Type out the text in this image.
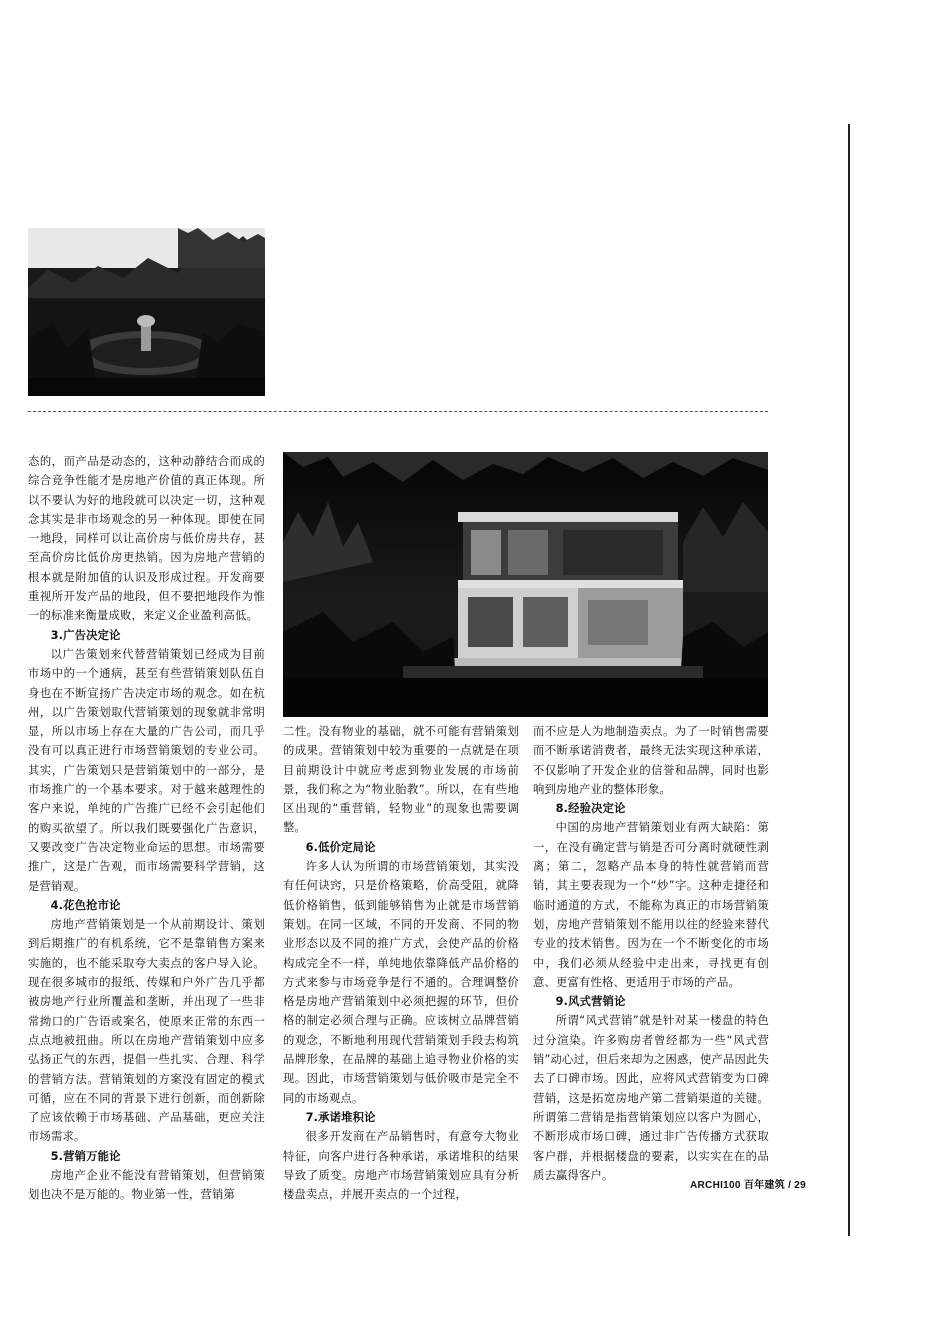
态的，而产品是动态的，这种动静结合而成的综合竞争性能才是房地产价值的真正体现。所以不要认为好的地段就可以决定一切，这种观念其实是非市场观念的另一种体现。即使在同一地段，同样可以让高价房与低价房共存，甚至高价房比低价房更热销。因为房地产营销的根本就是附加值的认识及形成过程。开发商要重视所开发产品的地段，但不要把地段作为惟一的标准来衡量成败，来定义企业盈利高低。

3.广告决定论

以广告策划来代替营销策划已经成为目前市场中的一个通病，甚至有些营销策划队伍自身也在不断宣扬广告决定市场的观念。如在杭州，以广告策划取代营销策划的现象就非常明显，所以市场上存在大量的广告公司，而几乎没有可以真正进行市场营销策划的专业公司。其实，广告策划只是营销策划中的一部分，是市场推广的一个基本要求。对于越来越理性的客户来说，单纯的广告推广已经不会引起他们的购买欲望了。所以我们既要强化广告意识，又要改变广告决定物业命运的思想。市场需要推广，这是广告观，而市场需要科学营销，这是营销观。

4.花色抢市论

房地产营销策划是一个从前期设计、策划到后期推广的有机系统，它不是靠销售方案来实施的，也不能采取夸大卖点的客户导入论。现在很多城市的报纸、传媒和户外广告几乎都被房地产行业所覆盖和垄断，并出现了一些非常拗口的广告语或案名，使原来正常的东西一点点地被扭曲。所以在房地产营销策划中应多弘扬正气的东西，提倡一些扎实、合理、科学的营销方法。营销策划的方案没有固定的模式可循，应在不同的背景下进行创新，而创新除了应该依赖于市场基础、产品基础，更应关注市场需求。

5.营销万能论

房地产企业不能没有营销策划，但营销策划也决不是万能的。物业第一性，营销第

二性。没有物业的基础，就不可能有营销策划的成果。营销策划中较为重要的一点就是在项目前期设计中就应考虑到物业发展的市场前景，我们称之为“物业胎教”。所以，在有些地区出现的“重营销，轻物业”的现象也需要调整。

6.低价定局论

许多人认为所谓的市场营销策划，其实没有任何诀窍，只是价格策略，价高受阻，就降低价格销售，低到能够销售为止就是市场营销策划。在同一区域，不同的开发商、不同的物业形态以及不同的推广方式，会使产品的价格构成完全不一样，单纯地依靠降低产品价格的方式来参与市场竞争是行不通的。合理调整价格是房地产营销策划中必须把握的环节，但价格的制定必须合理与正确。应该树立品牌营销的观念，不断地利用现代营销策划手段去构筑品牌形象，在品牌的基础上追寻物业价格的实现。因此，市场营销策划与低价吸市是完全不同的市场观点。

7.承诺堆积论

很多开发商在产品销售时，有意夸大物业特征，向客户进行各种承诺，承诺堆积的结果导致了质变。房地产市场营销策划应具有分析楼盘卖点，并展开卖点的一个过程，

而不应是人为地制造卖点。为了一时销售需要而不断承诺消费者，最终无法实现这种承诺，不仅影响了开发企业的信誉和品牌，同时也影响到房地产业的整体形象。

8.经验决定论

中国的房地产营销策划业有两大缺陷：第一，在没有确定营与销是否可分离时就硬性剥离；第二，忽略产品本身的特性就营销而营销，其主要表现为一个“炒”字。这种走捷径和临时通道的方式，不能称为真正的市场营销策划，房地产营销策划不能用以往的经验来替代专业的技术销售。因为在一个不断变化的市场中，我们必须从经验中走出来，寻找更有创意、更富有性格、更适用于市场的产品。

9.风式营销论

所谓“风式营销”就是针对某一楼盘的特色过分渲染。许多购房者曾经都为一些“风式营销”动心过，但后来却为之困惑，使产品因此失去了口碑市场。因此，应将风式营销变为口碑营销，这是拓宽房地产第二营销渠道的关键。所谓第二营销是指营销策划应以客户为圆心，不断形成市场口碑，通过非广告传播方式获取客户群，并根据楼盘的要素，以实实在在的品质去赢得客户。

ARCHI100 百年建筑 / 29
